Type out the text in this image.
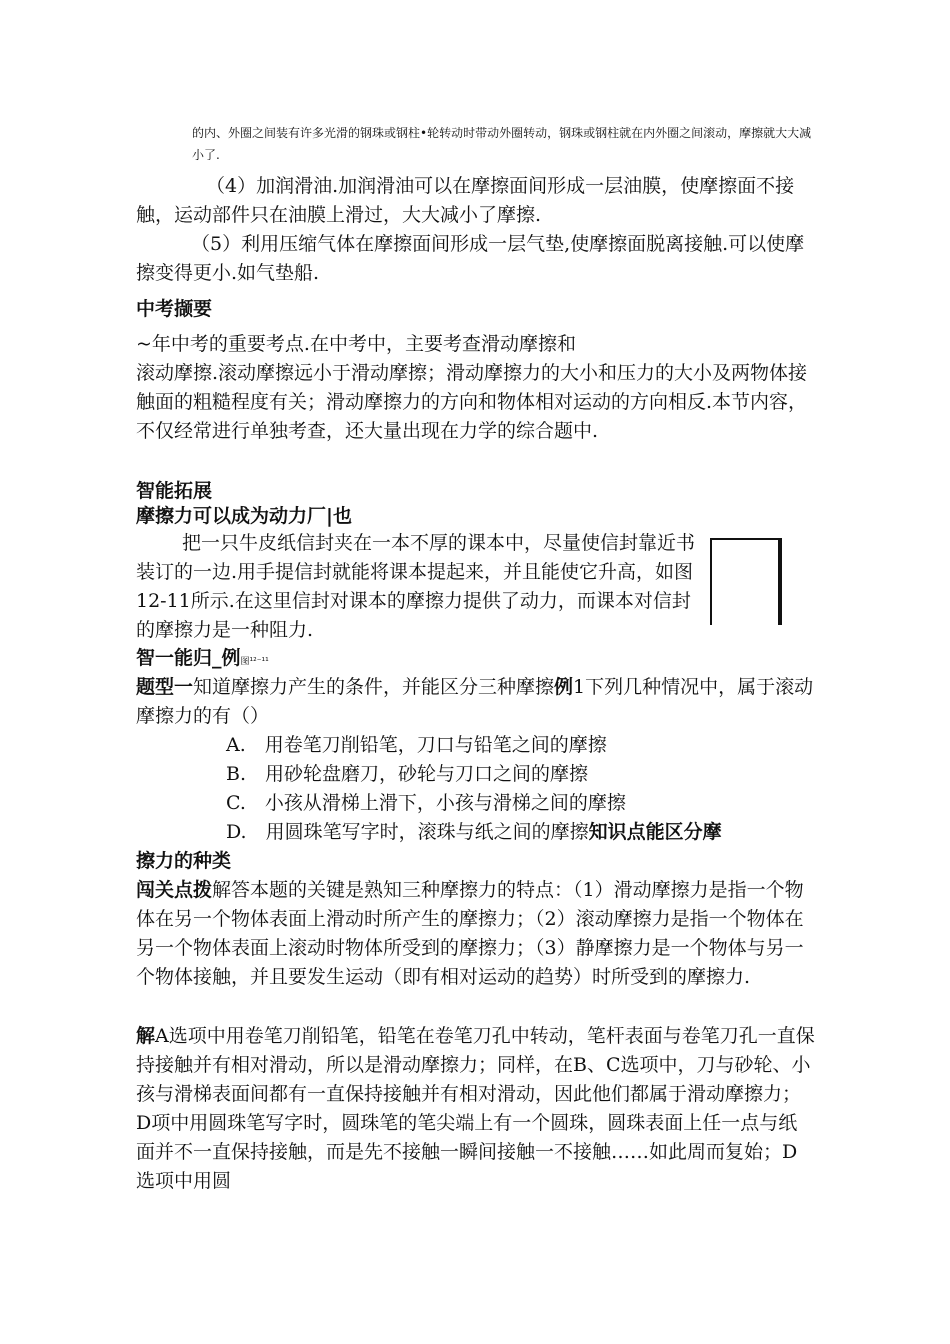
的内、外圈之间装有许多光滑的钢珠或钢柱•轮转动时带动外圈转动，钢珠或钢柱就在内外圈之间滚动，摩擦就大大减小了.

（4）加润滑油.加润滑油可以在摩擦面间形成一层油膜，使摩擦面不接触，运动部件只在油膜上滑过，大大减小了摩擦.

（5）利用压缩气体在摩擦面间形成一层气垫,使摩擦面脱离接触.可以使摩擦变得更小.如气垫船.

中考撷要

~年中考的重要考点.在中考中，主要考查滑动摩擦和

滚动摩擦.滚动摩擦远小于滑动摩擦；滑动摩擦力的大小和压力的大小及两物体接触面的粗糙程度有关；滑动摩擦力的方向和物体相对运动的方向相反.本节内容，不仅经常进行单独考查，还大量出现在力学的综合题中.

智能拓展

摩擦力可以成为动力厂|也

把一只牛皮纸信封夹在一本不厚的课本中，尽量使信封靠近书装订的一边.用手提信封就能将课本提起来，并且能使它升高，如图12-11所示.在这里信封对课本的摩擦力提供了动力，而课本对信封的摩擦力是一种阻力.

智一能归_例图¹²⁻¹¹

题型一知道摩擦力产生的条件，并能区分三种摩擦例1下列几种情况中，属于滚动摩擦力的有（）

A.　用卷笔刀削铅笔，刀口与铅笔之间的摩擦

B.　用砂轮盘磨刀，砂轮与刀口之间的摩擦

C.　小孩从滑梯上滑下，小孩与滑梯之间的摩擦

D.　用圆珠笔写字时，滚珠与纸之间的摩擦知识点能区分摩

擦力的种类

闯关点拨解答本题的关键是熟知三种摩擦力的特点：（1）滑动摩擦力是指一个物体在另一个物体表面上滑动时所产生的摩擦力；（2）滚动摩擦力是指一个物体在另一个物体表面上滚动时物体所受到的摩擦力；（3）静摩擦力是一个物体与另一个物体接触，并且要发生运动（即有相对运动的趋势）时所受到的摩擦力.

解A选项中用卷笔刀削铅笔，铅笔在卷笔刀孔中转动，笔杆表面与卷笔刀孔一直保持接触并有相对滑动，所以是滑动摩擦力；同样，在B、C选项中，刀与砂轮、小孩与滑梯表面间都有一直保持接触并有相对滑动，因此他们都属于滑动摩擦力；D项中用圆珠笔写字时，圆珠笔的笔尖端上有一个圆珠，圆珠表面上任一点与纸面并不一直保持接触，而是先不接触一瞬间接触一不接触……如此周而复始；D选项中用圆
